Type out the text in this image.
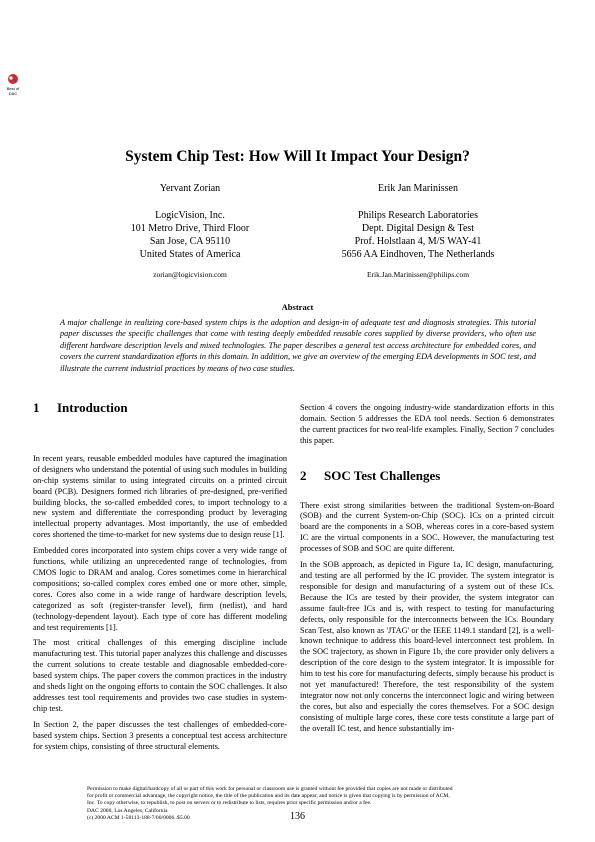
Best of
DAC
System Chip Test: How Will It Impact Your Design?
Yervant Zorian
LogicVision, Inc.
101 Metro Drive, Third Floor
San Jose, CA 95110
United States of America
zorian@logicvision.com
Erik Jan Marinissen
Philips Research Laboratories
Dept. Digital Design & Test
Prof. Holstlaan 4, M/S WAY-41
5656 AA Eindhoven, The Netherlands
Erik.Jan.Marinissen@philips.com
Abstract
A major challenge in realizing core-based system chips is the adoption and design-in of adequate test and diagnosis strategies. This tutorial paper discusses the specific challenges that come with testing deeply embedded reusable cores supplied by diverse providers, who often use different hardware description levels and mixed technologies. The paper describes a general test access architecture for embedded cores, and covers the current standardization efforts in this domain. In addition, we give an overview of the emerging EDA developments in SOC test, and illustrate the current industrial practices by means of two case studies.
1 Introduction

In recent years, reusable embedded modules have captured the imagination of designers who understand the potential of using such modules in building on-chip systems similar to using integrated circuits on a printed circuit board (PCB). Designers formed rich libraries of pre-designed, pre-verified building blocks, the so-called embedded cores, to import technology to a new system and differentiate the corresponding product by leveraging intellectual property advantages. Most importantly, the use of embedded cores shortened the time-to-market for new systems due to design reuse [1].

Embedded cores incorporated into system chips cover a very wide range of functions, while utilizing an unprecedented range of technologies, from CMOS logic to DRAM and analog. Cores sometimes come in hierarchical compositions; so-called complex cores embed one or more other, simple, cores. Cores also come in a wide range of hardware description levels, categorized as soft (register-transfer level), firm (netlist), and hard (technology-dependent layout). Each type of core has different modeling and test requirements [1].

The most critical challenges of this emerging discipline include manufacturing test. This tutorial paper analyzes this challenge and discusses the current solutions to create testable and diagnosable embedded-core-based system chips. The paper covers the common practices in the industry and sheds light on the ongoing efforts to contain the SOC challenges. It also addresses test tool requirements and provides two case studies in system-chip test.

In Section 2, the paper discusses the test challenges of embedded-core-based system chips. Section 3 presents a conceptual test access architecture for system chips, consisting of three structural elements.

Section 4 covers the ongoing industry-wide standardization efforts in this domain. Section 5 addresses the EDA tool needs. Section 6 demonstrates the current practices for two real-life examples. Finally, Section 7 concludes this paper.

2 SOC Test Challenges

There exist strong similarities between the traditional System-on-Board (SOB) and the current System-on-Chip (SOC). ICs on a printed circuit board are the components in a SOB, whereas cores in a core-based system IC are the virtual components in a SOC. However, the manufacturing test processes of SOB and SOC are quite different.

In the SOB approach, as depicted in Figure 1a, IC design, manufacturing, and testing are all performed by the IC provider. The system integrator is responsible for design and manufacturing of a system out of these ICs. Because the ICs are tested by their provider, the system integrator can assume fault-free ICs and is, with respect to testing for manufacturing defects, only responsible for the interconnects between the ICs. Boundary Scan Test, also known as 'JTAG' or the IEEE 1149.1 standard [2], is a well-known technique to address this board-level interconnect test problem. In the SOC trajectory, as shown in Figure 1b, the core provider only delivers a description of the core design to the system integrator. It is impossible for him to test his core for manufacturing defects, simply because his product is not yet manufactured! Therefore, the test responsibility of the system integrator now not only concerns the interconnect logic and wiring between the cores, but also and especially the cores themselves. For a SOC design consisting of multiple large cores, these core tests constitute a large part of the overall IC test, and hence substantially im-

Permission to make digital/hardcopy of all or part of this work for personal or classroom use is granted without fee provided that copies are not made or distributed
for profit or commercial advantage, the copyright notice, the title of the publication and its date appear, and notice is given that copying is by permission of ACM,
Inc. To copy otherwise, to republish, to post on servers or to redistribute to lists, requires prior specific permission and/or a fee.
DAC 2000, Los Angeles, California
(c) 2000 ACM 1-58113-188-7/00/0006..$5.00	136
